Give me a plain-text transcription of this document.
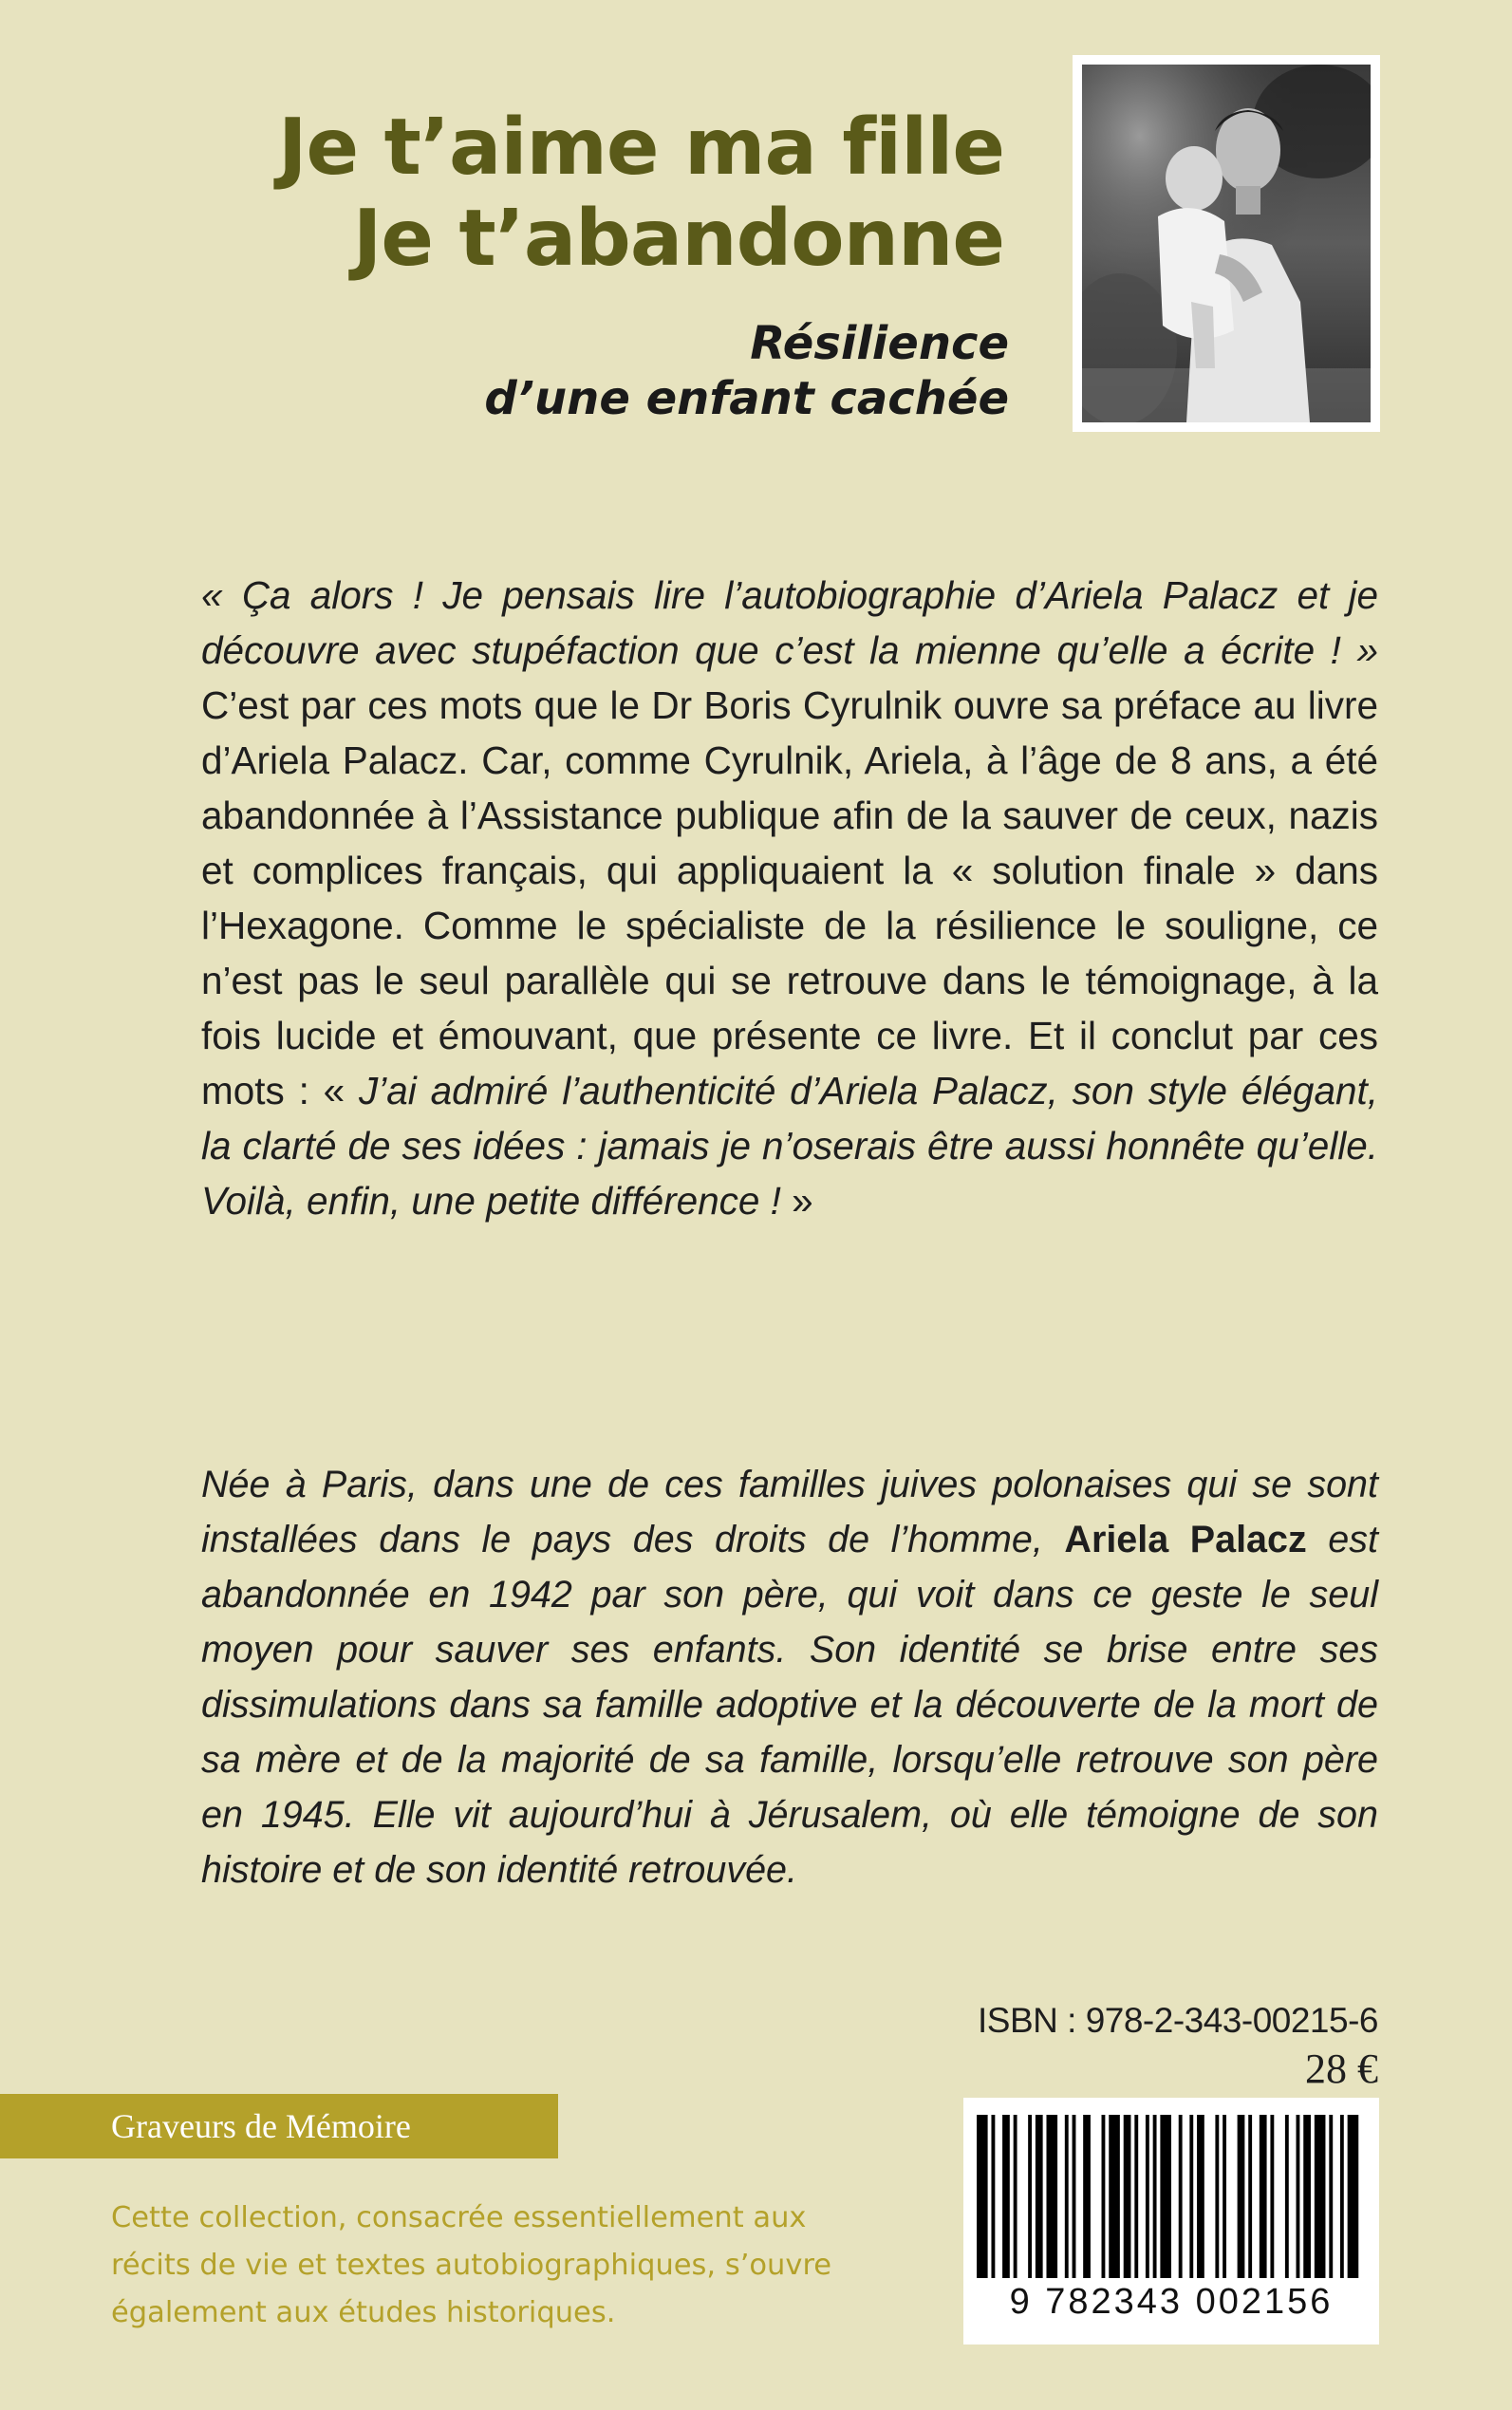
Je t’aime ma fille
Je t’abandonne
Résilience
d’une enfant cachée

« Ça alors ! Je pensais lire l’autobiographie d’Ariela Palacz et je découvre avec stupéfaction que c’est la mienne qu’elle a écrite ! » C’est par ces mots que le Dr Boris Cyrulnik ouvre sa préface au livre d’Ariela Palacz. Car, comme Cyrulnik, Ariela, à l’âge de 8 ans, a été abandonnée à l’Assistance publique afin de la sauver de ceux, nazis et complices français, qui appliquaient la « solution finale » dans l’Hexagone. Comme le spécialiste de la résilience le souligne, ce n’est pas le seul parallèle qui se retrouve dans le témoignage, à la fois lucide et émouvant, que présente ce livre. Et il conclut par ces mots : « J’ai admiré l’authenticité d’Ariela Palacz, son style élégant, la clarté de ses idées : jamais je n’oserais être aussi honnête qu’elle. Voilà, enfin, une petite différence ! »

Née à Paris, dans une de ces familles juives polonaises qui se sont installées dans le pays des droits de l’homme, Ariela Palacz est abandonnée en 1942 par son père, qui voit dans ce geste le seul moyen pour sauver ses enfants. Son identité se brise entre ses dissimulations dans sa famille adoptive et la découverte de la mort de sa mère et de la majorité de sa famille, lorsqu’elle retrouve son père en 1945. Elle vit aujourd’hui à Jérusalem, où elle témoigne de son histoire et de son identité retrouvée.

ISBN : 978-2-343-00215-6

28 €

Graveurs de Mémoire

Cette collection, consacrée essentiellement aux récits de vie et textes autobiographiques, s’ouvre également aux études historiques.	9 782343 002156
